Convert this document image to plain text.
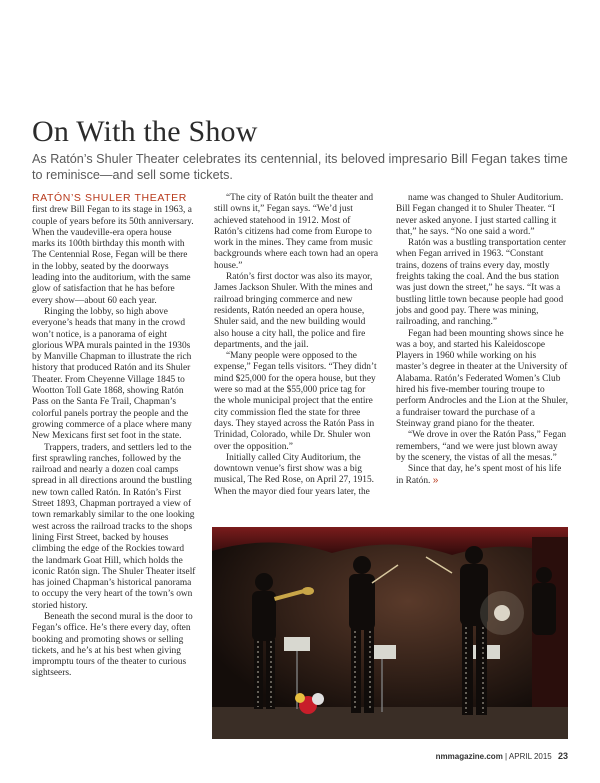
On With the Show

As Ratón’s Shuler Theater celebrates its centennial, its beloved impresario Bill Fegan takes time to reminisce—and sell some tickets.

RATÓN’S SHULER THEATER

first drew Bill Fegan to its stage in 1963, a couple of years before its 50th anniversary. When the vaudeville-era opera house marks its 100th birthday this month with The Centennial Rose, Fegan will be there in the lobby, seated by the doorways leading into the auditorium, with the same glow of satisfaction that he has before every show—about 60 each year.

Ringing the lobby, so high above everyone’s heads that many in the crowd won’t notice, is a panorama of eight glorious WPA murals painted in the 1930s by Manville Chapman to illustrate the rich history that produced Ratón and its Shuler Theater. From Cheyenne Village 1845 to Wootton Toll Gate 1868, showing Ratón Pass on the Santa Fe Trail, Chapman’s colorful panels portray the people and the growing commerce of a place where many New Mexicans first set foot in the state.

Trappers, traders, and settlers led to the first sprawling ranches, followed by the railroad and nearly a dozen coal camps spread in all directions around the bustling new town called Ratón. In Ratón’s First Street 1893, Chapman portrayed a view of town remarkably similar to the one looking west across the railroad tracks to the shops lining First Street, backed by houses climbing the edge of the Rockies toward the landmark Goat Hill, which holds the iconic Ratón sign. The Shuler Theater itself has joined Chapman’s historical panorama to occupy the very heart of the town’s own storied history.

Beneath the second mural is the door to Fegan’s office. He’s there every day, often booking and promoting shows or selling tickets, and he’s at his best when giving impromptu tours of the theater to curious sightseers.

“The city of Ratón built the theater and still owns it,” Fegan says. “We’d just achieved statehood in 1912. Most of Ratón’s citizens had come from Europe to work in the mines. They came from music backgrounds where each town had an opera house.”

Ratón’s first doctor was also its mayor, James Jackson Shuler. With the mines and railroad bringing commerce and new residents, Ratón needed an opera house, Shuler said, and the new building would also house a city hall, the police and fire departments, and the jail.

“Many people were opposed to the expense,” Fegan tells visitors. “They didn’t mind $25,000 for the opera house, but they were so mad at the $55,000 price tag for the whole municipal project that the entire city commission fled the state for three days. They stayed across the Ratón Pass in Trinidad, Colorado, while Dr. Shuler won over the opposition.”

Initially called City Auditorium, the downtown venue’s first show was a big musical, The Red Rose, on April 27, 1915. When the mayor died four years later, the

name was changed to Shuler Auditorium. Bill Fegan changed it to Shuler Theater. “I never asked anyone. I just started calling it that,” he says. “No one said a word.”

Ratón was a bustling transportation center when Fegan arrived in 1963. “Constant trains, dozens of trains every day, mostly freights taking the coal. And the bus station was just down the street,” he says. “It was a bustling little town because people had good jobs and good pay. There was mining, railroading, and ranching.”

Fegan had been mounting shows since he was a boy, and started his Kaleidoscope Players in 1960 while working on his master’s degree in theater at the University of Alabama. Ratón’s Federated Women’s Club hired his five-member touring troupe to perform Androcles and the Lion at the Shuler, a fundraiser toward the purchase of a Steinway grand piano for the theater.

“We drove in over the Ratón Pass,” Fegan remembers, “and we were just blown away by the scenery, the vistas of all the mesas.”

Since that day, he’s spent most of his life in Ratón. »

nmmagazine.com | APRIL 2015 23
